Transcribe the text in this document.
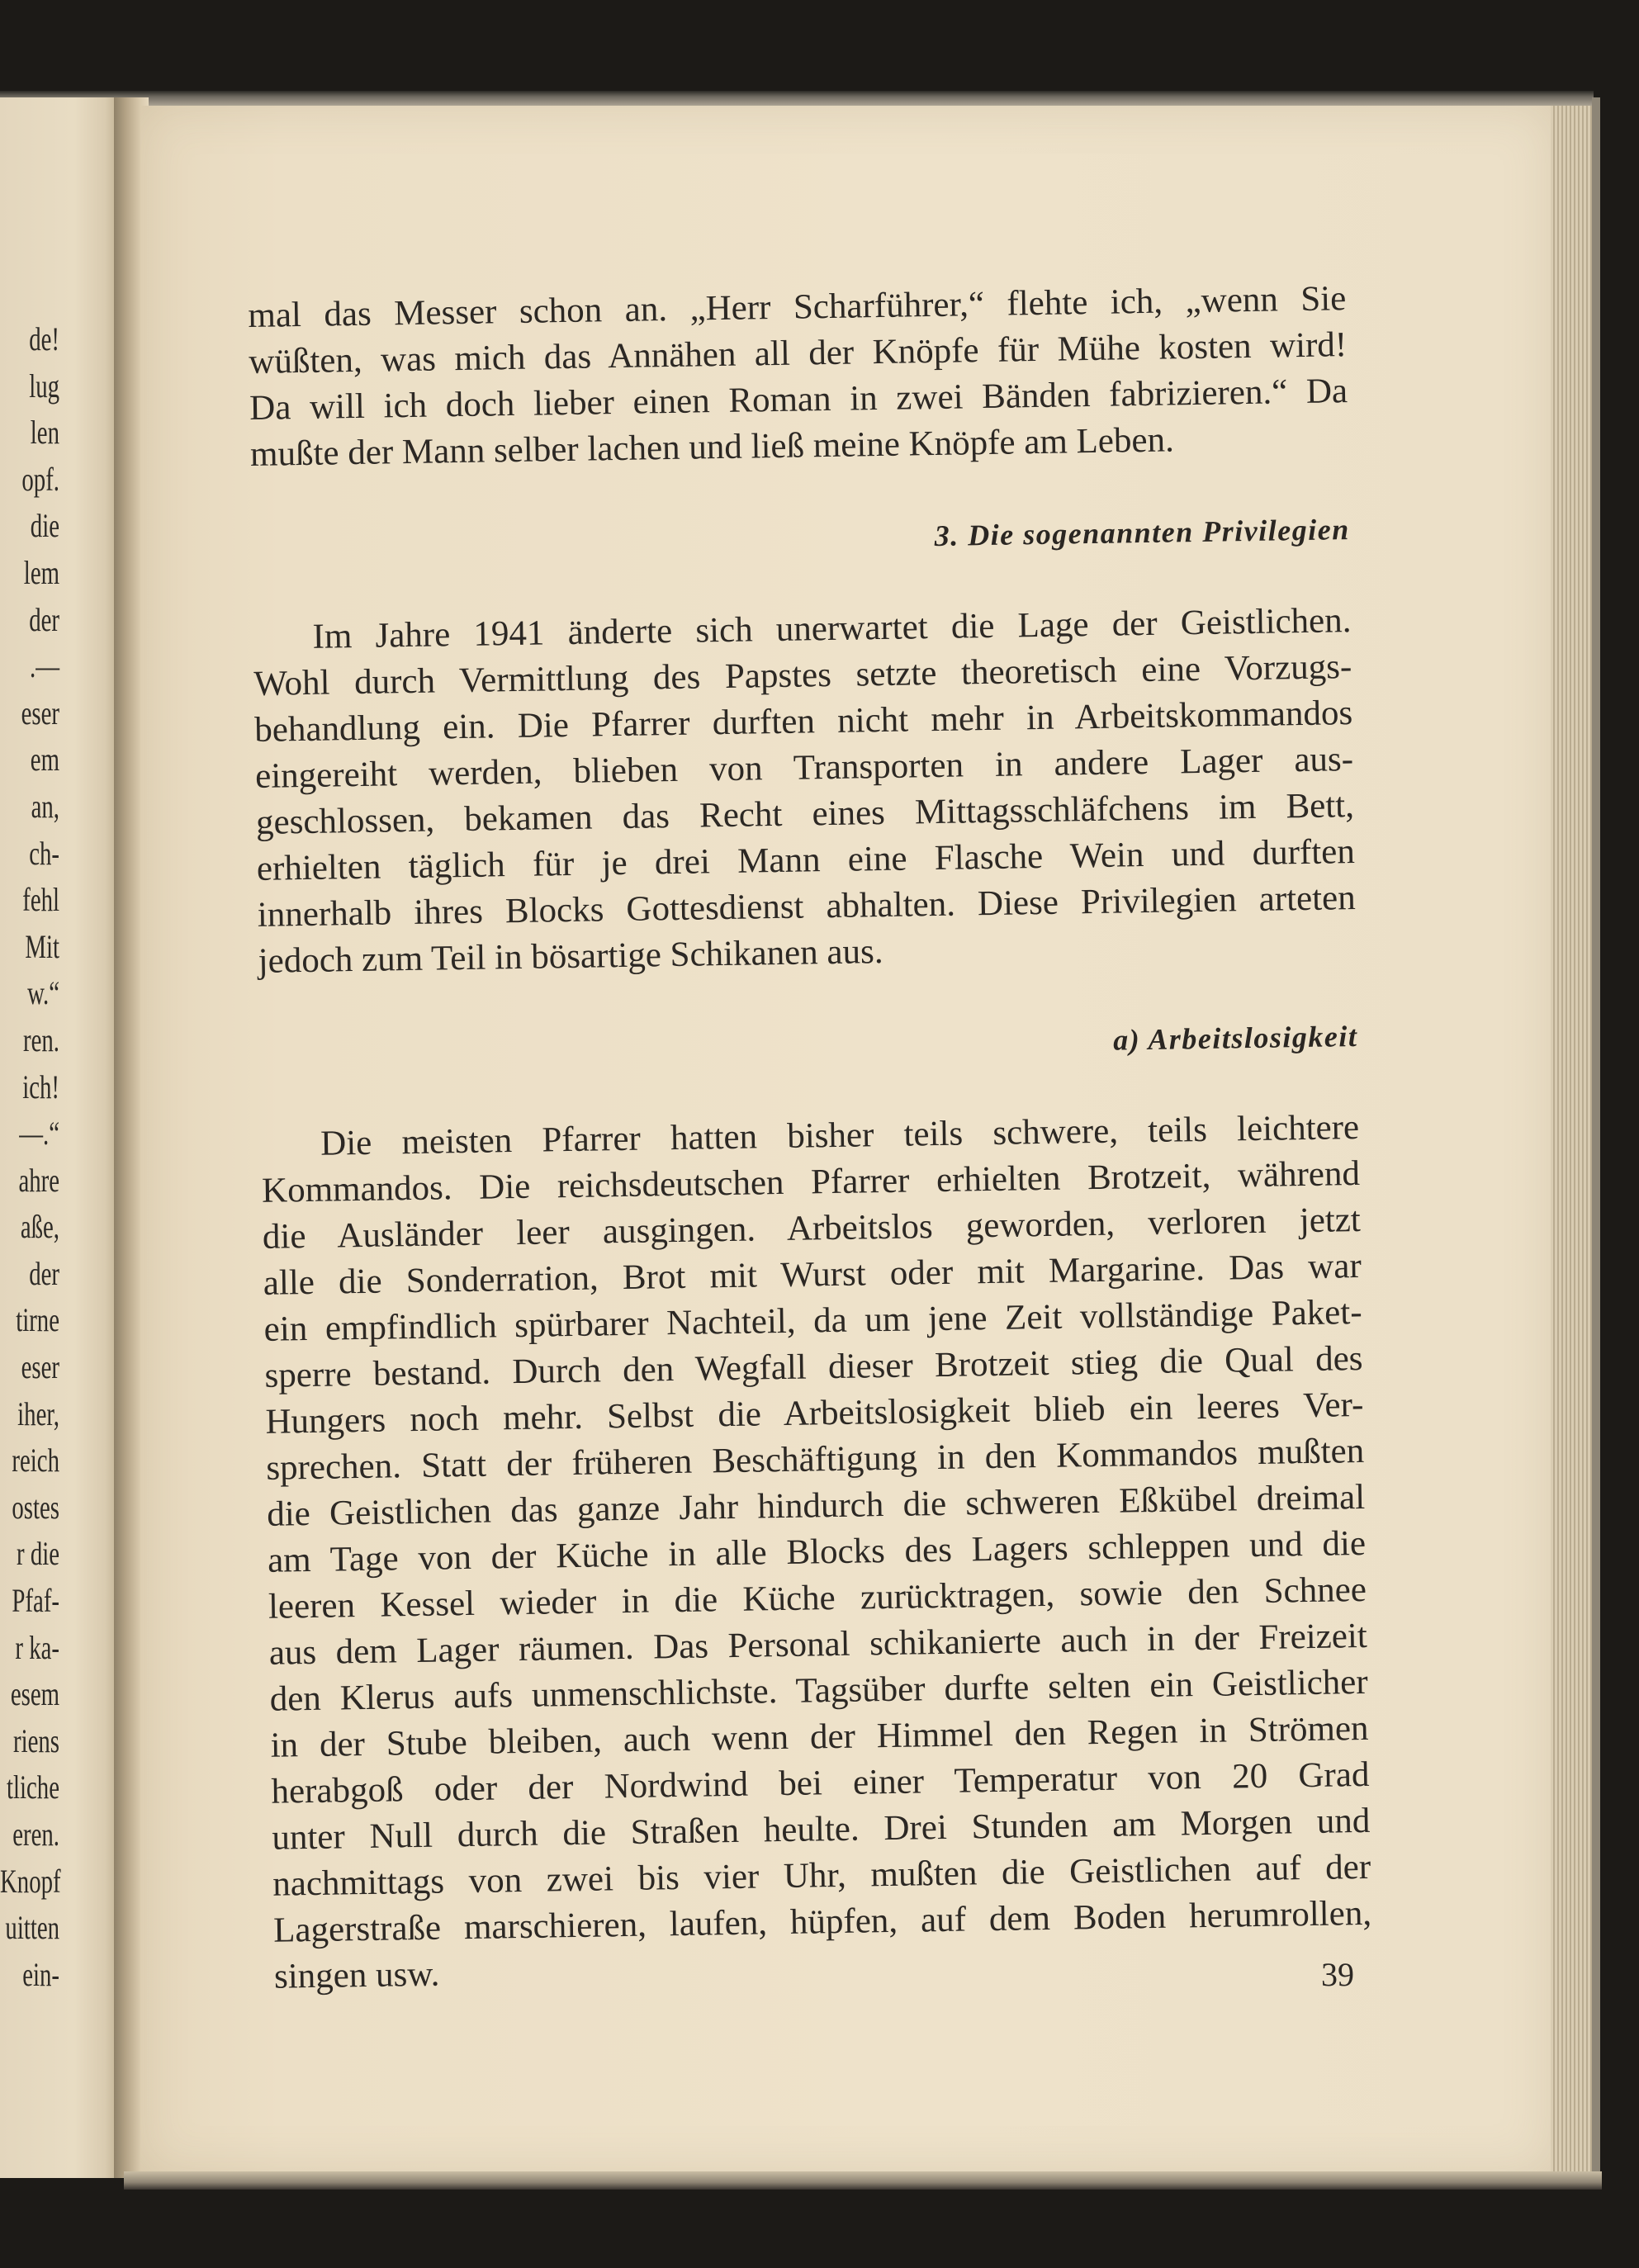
de!
lug
len
opf.
die
lem
der
.—
eser
em
an,
ch-
fehl
Mit
w.“
ren.
ich!
—.“
ahre
aße,
der
tirne
eser
iher,
reich
ostes
r die
Pfaf-
r ka-
esem
riens
tliche
eren.
Knopf
uitten
ein-

mal das Messer schon an. „Herr Scharführer,“ flehte ich, „wenn Sie
wüßten, was mich das Annähen all der Knöpfe für Mühe kosten wird!
Da will ich doch lieber einen Roman in zwei Bänden fabrizieren.“ Da
mußte der Mann selber lachen und ließ meine Knöpfe am Leben.

3. Die sogenannten Privilegien

Im Jahre 1941 änderte sich unerwartet die Lage der Geistlichen.
Wohl durch Vermittlung des Papstes setzte theoretisch eine Vorzugs-
behandlung ein. Die Pfarrer durften nicht mehr in Arbeitskommandos
eingereiht werden, blieben von Transporten in andere Lager aus-
geschlossen, bekamen das Recht eines Mittagsschläfchens im Bett,
erhielten täglich für je drei Mann eine Flasche Wein und durften
innerhalb ihres Blocks Gottesdienst abhalten. Diese Privilegien arteten
jedoch zum Teil in bösartige Schikanen aus.

a) Arbeitslosigkeit

Die meisten Pfarrer hatten bisher teils schwere, teils leichtere
Kommandos. Die reichsdeutschen Pfarrer erhielten Brotzeit, während
die Ausländer leer ausgingen. Arbeitslos geworden, verloren jetzt
alle die Sonderration, Brot mit Wurst oder mit Margarine. Das war
ein empfindlich spürbarer Nachteil, da um jene Zeit vollständige Paket-
sperre bestand. Durch den Wegfall dieser Brotzeit stieg die Qual des
Hungers noch mehr. Selbst die Arbeitslosigkeit blieb ein leeres Ver-
sprechen. Statt der früheren Beschäftigung in den Kommandos mußten
die Geistlichen das ganze Jahr hindurch die schweren Eßkübel dreimal
am Tage von der Küche in alle Blocks des Lagers schleppen und die
leeren Kessel wieder in die Küche zurücktragen, sowie den Schnee
aus dem Lager räumen. Das Personal schikanierte auch in der Freizeit
den Klerus aufs unmenschlichste. Tagsüber durfte selten ein Geistlicher
in der Stube bleiben, auch wenn der Himmel den Regen in Strömen
herabgoß oder der Nordwind bei einer Temperatur von 20 Grad
unter Null durch die Straßen heulte. Drei Stunden am Morgen und
nachmittags von zwei bis vier Uhr, mußten die Geistlichen auf der
Lagerstraße marschieren, laufen, hüpfen, auf dem Boden herumrollen,
singen usw.	39
